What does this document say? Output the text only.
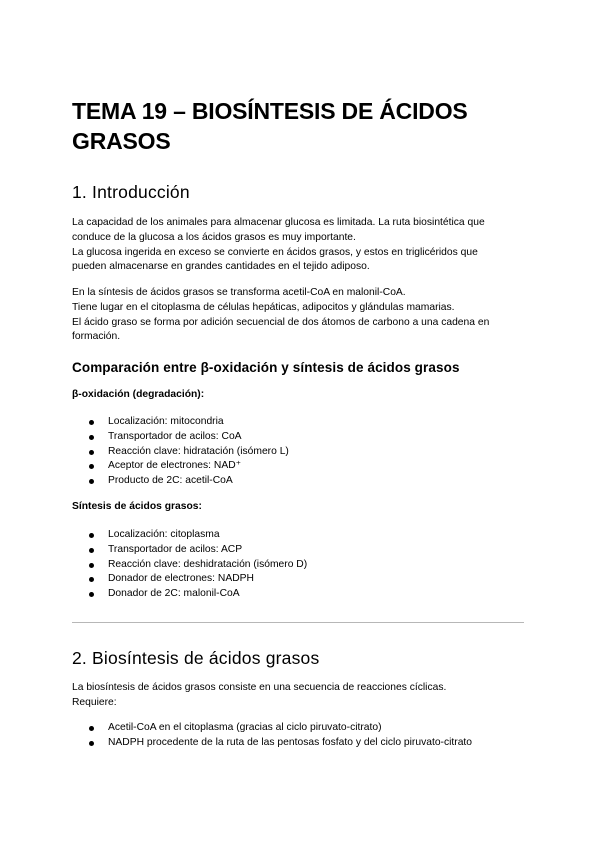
TEMA 19 – BIOSÍNTESIS DE ÁCIDOS
GRASOS
1. Introducción

La capacidad de los animales para almacenar glucosa es limitada. La ruta biosintética que
conduce de la glucosa a los ácidos grasos es muy importante.
La glucosa ingerida en exceso se convierte en ácidos grasos, y estos en triglicéridos que
pueden almacenarse en grandes cantidades en el tejido adiposo.

En la síntesis de ácidos grasos se transforma acetil-CoA en malonil-CoA.
Tiene lugar en el citoplasma de células hepáticas, adipocitos y glándulas mamarias.
El ácido graso se forma por adición secuencial de dos átomos de carbono a una cadena en
formación.

Comparación entre β-oxidación y síntesis de ácidos grasos

β-oxidación (degradación):

Localización: mitocondria
Transportador de acilos: CoA
Reacción clave: hidratación (isómero L)
Aceptor de electrones: NAD⁺
Producto de 2C: acetil-CoA

Síntesis de ácidos grasos:

Localización: citoplasma
Transportador de acilos: ACP
Reacción clave: deshidratación (isómero D)
Donador de electrones: NADPH
Donador de 2C: malonil-CoA
2. Biosíntesis de ácidos grasos

La biosíntesis de ácidos grasos consiste en una secuencia de reacciones cíclicas.
Requiere:

Acetil-CoA en el citoplasma (gracias al ciclo piruvato-citrato)
NADPH procedente de la ruta de las pentosas fosfato y del ciclo piruvato-citrato
